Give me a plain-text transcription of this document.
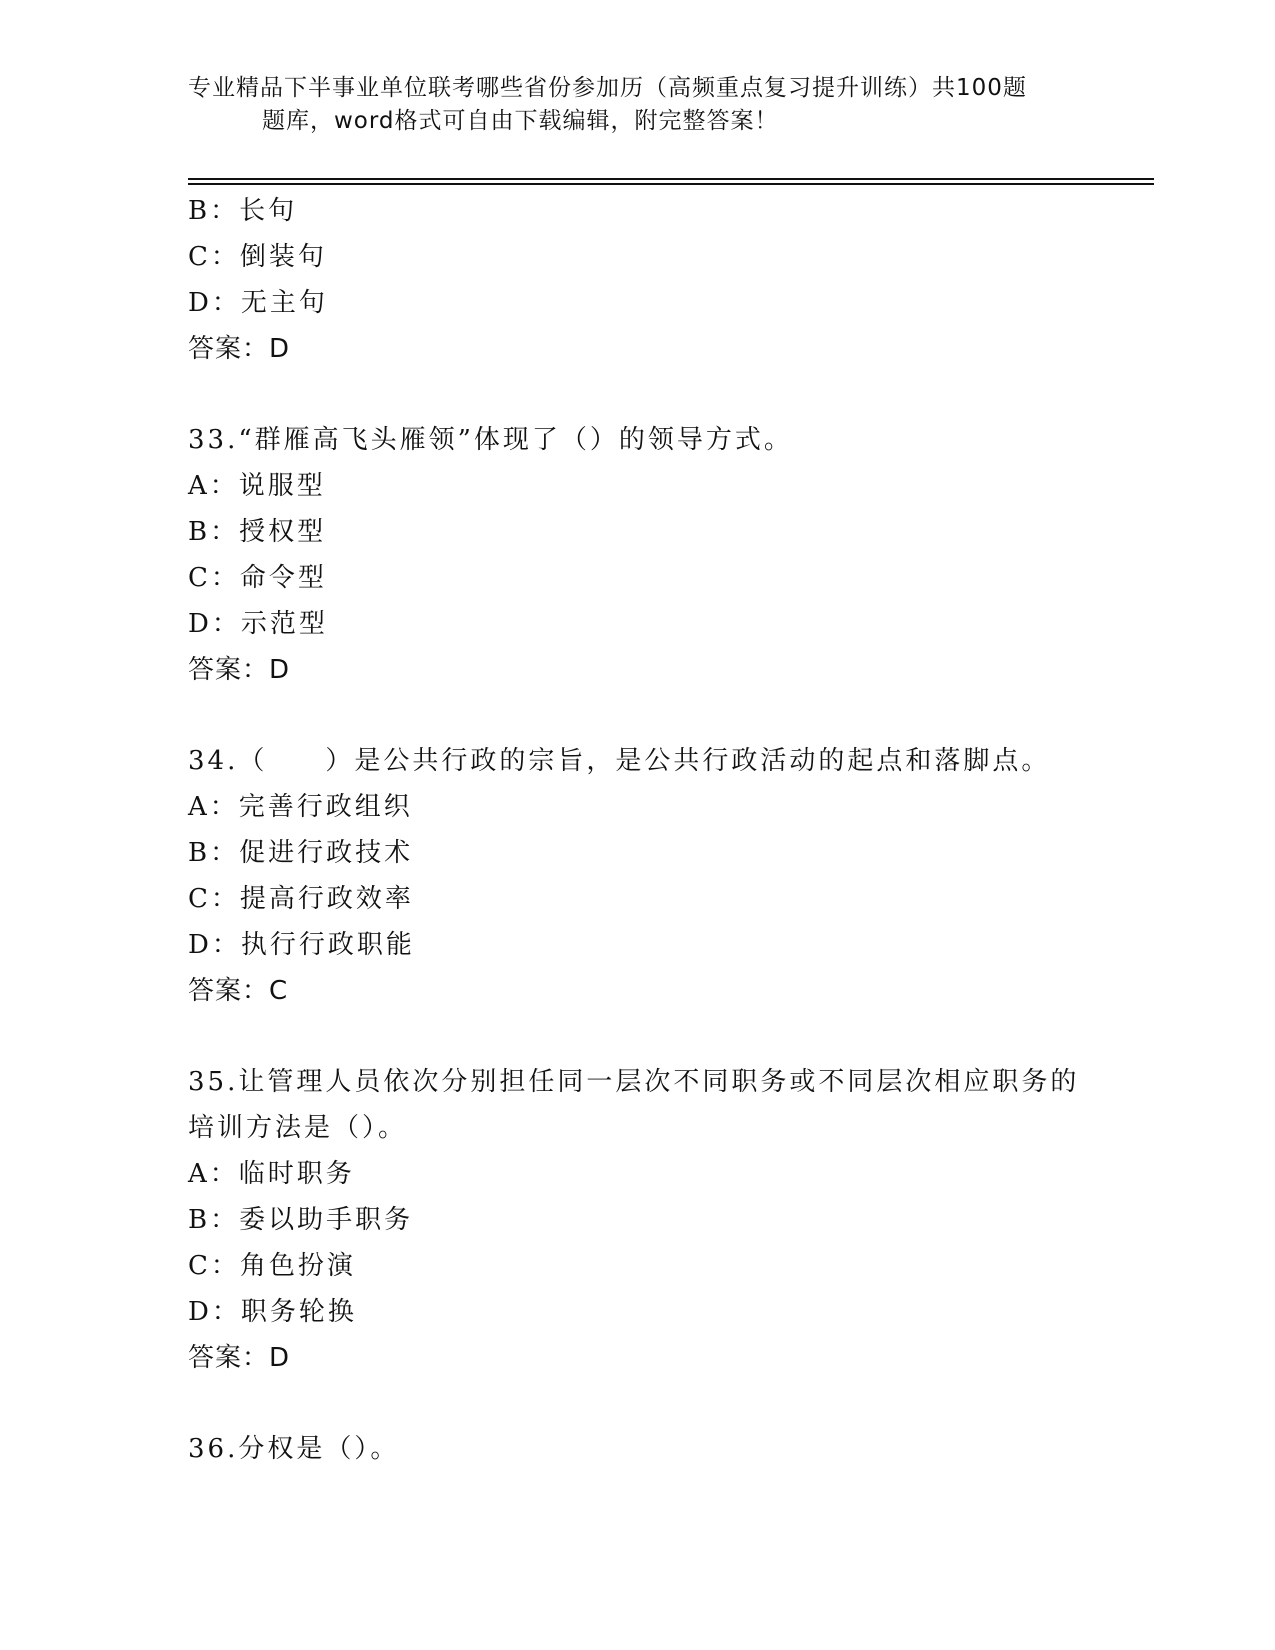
专业精品下半事业单位联考哪些省份参加历（高频重点复习提升训练）共100题
题库，word格式可自由下载编辑，附完整答案！
B：长句
C：倒装句
D：无主句
答案：D
33.“群雁高飞头雁领”体现了（）的领导方式。
A：说服型
B：授权型
C：命令型
D：示范型
答案：D
34.（　　）是公共行政的宗旨，是公共行政活动的起点和落脚点。
A：完善行政组织
B：促进行政技术
C：提高行政效率
D：执行行政职能
答案：C
35.让管理人员依次分别担任同一层次不同职务或不同层次相应职务的
培训方法是（）。
A：临时职务
B：委以助手职务
C：角色扮演
D：职务轮换
答案：D
36.分权是（）。
